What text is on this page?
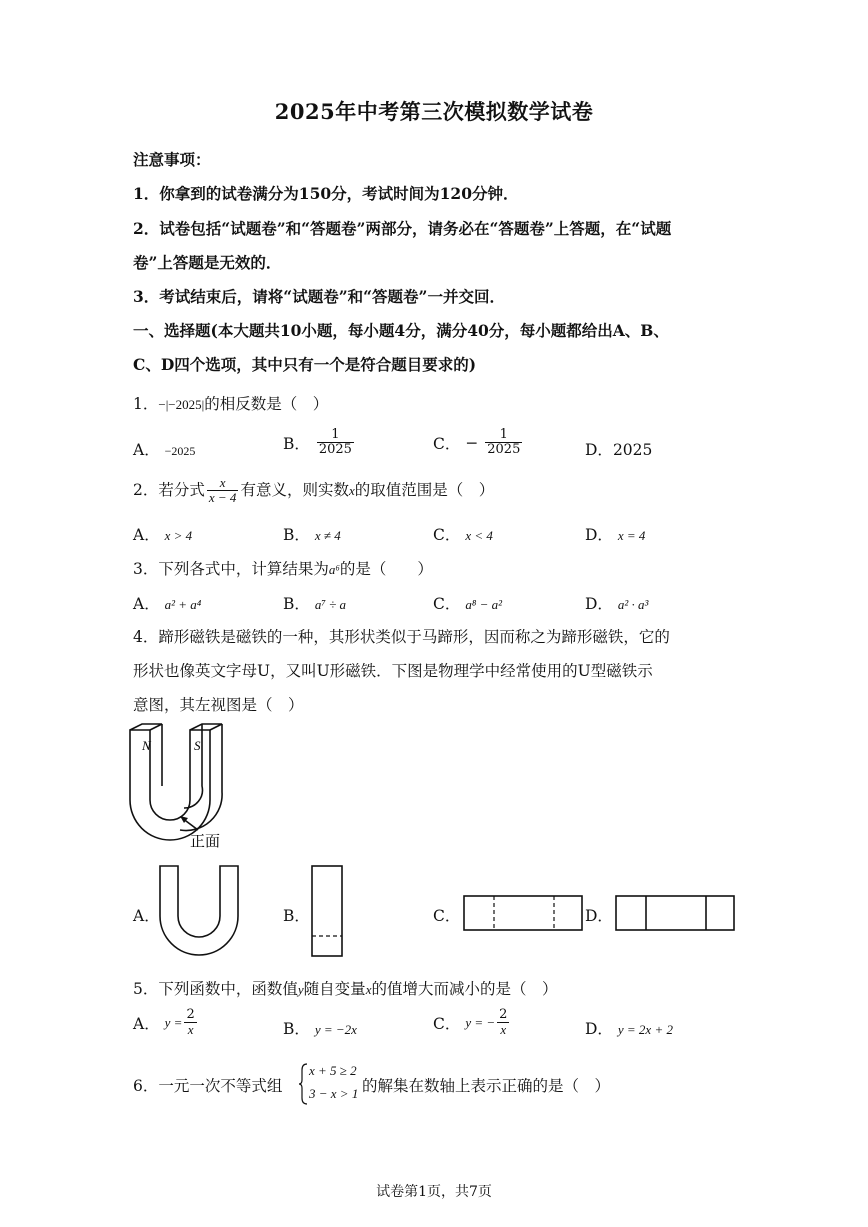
2025年中考第三次模拟数学试卷
注意事项：
1．你拿到的试卷满分为150分，考试时间为120分钟．
2．试卷包括“试题卷”和“答题卷”两部分，请务必在“答题卷”上答题，在“试题
卷”上答题是无效的．
3．考试结束后，请将“试题卷”和“答题卷”一并交回．
一、选择题(本大题共10小题，每小题4分，满分40分，每小题都给出A、B、
C、D四个选项，其中只有一个是符合题目要求的)
1．−|−2025|的相反数是（　）
A． −2025	B． $\frac{1}{2025}$	C． − $\frac{1}{2025}$	D．2025
2．若分式 $\frac{x}{x - 4}$ 有意义，则实数x的取值范围是（　）
A． x > 4	B． x ≠ 4	C． x < 4	D． x = 4
3．下列各式中，计算结果为a⁶的是（　　）
A． a² + a⁴	B． a⁷ ÷ a	C． a⁸ − a²	D． a² · a³
4．蹄形磁铁是磁铁的一种，其形状类似于马蹄形，因而称之为蹄形磁铁，它的
形状也像英文字母U，又叫U形磁铁．下图是物理学中经常使用的U型磁铁示
意图，其左视图是（　）
N	S
正面
A．	B．	C．	D．
5．下列函数中，函数值y随自变量x的值增大而减小的是（　）
A． $y = \frac{2}{x}$	B． y = −2x	C． y = − $\frac{2}{x}$	D． y = 2x + 2
6．一元一次不等式组
x + 5 ≥ 2
3 − x > 1 的解集在数轴上表示正确的是（　）
试卷第1页，共7页
